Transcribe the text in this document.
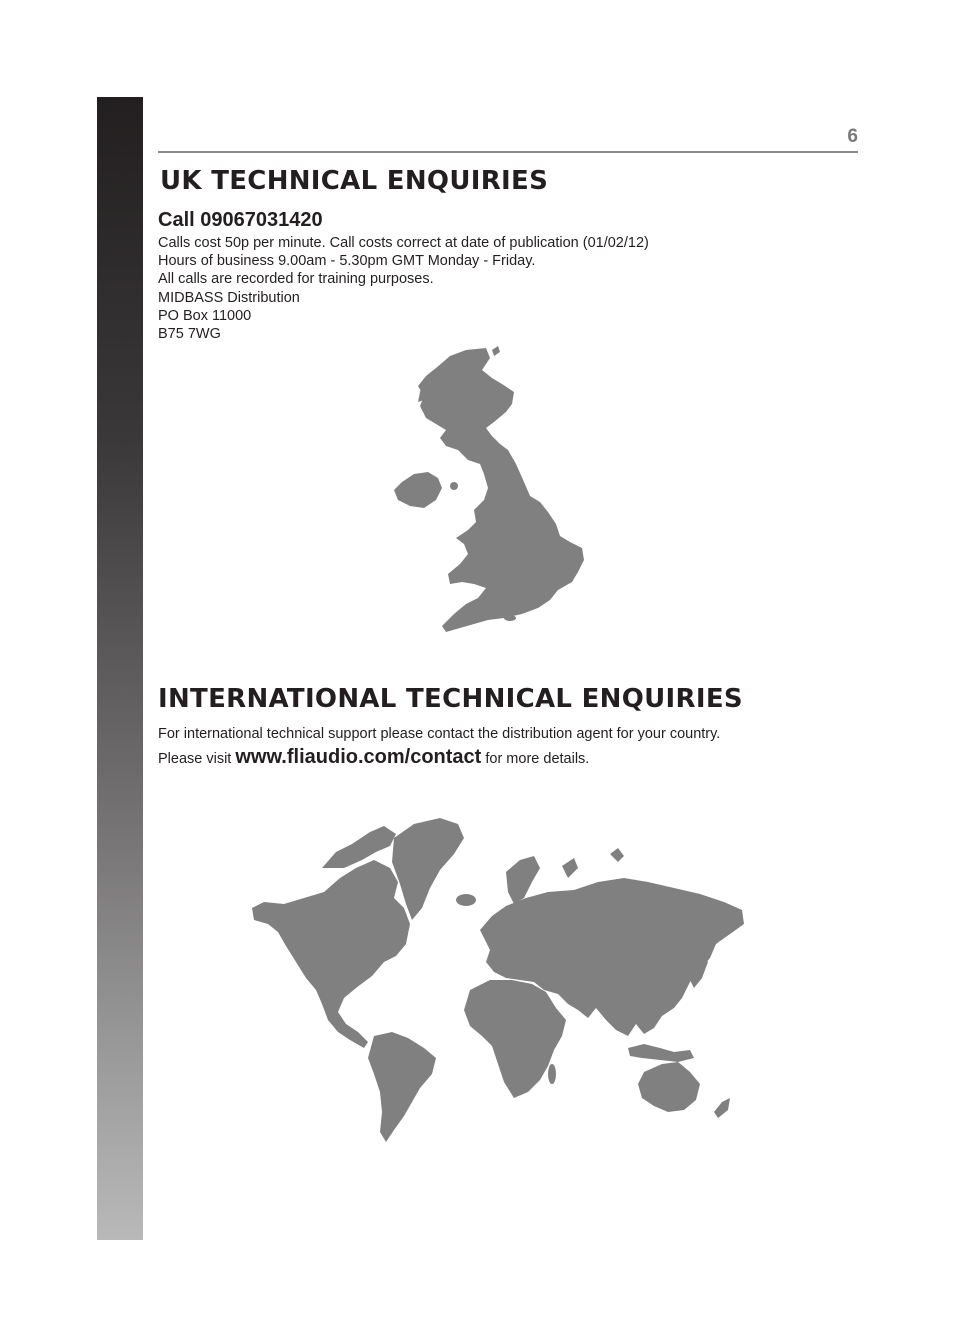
6
UK TECHNICAL ENQUIRIES
Call 09067031420
Calls cost 50p per minute. Call costs correct at date of publication (01/02/12)
Hours of business 9.00am - 5.30pm GMT Monday - Friday.
All calls are recorded for training purposes.
MIDBASS Distribution
PO Box 11000
B75 7WG
INTERNATIONAL TECHNICAL ENQUIRIES
For international technical support please contact the distribution agent for your country.
Please visit www.fliaudio.com/contact for more details.
